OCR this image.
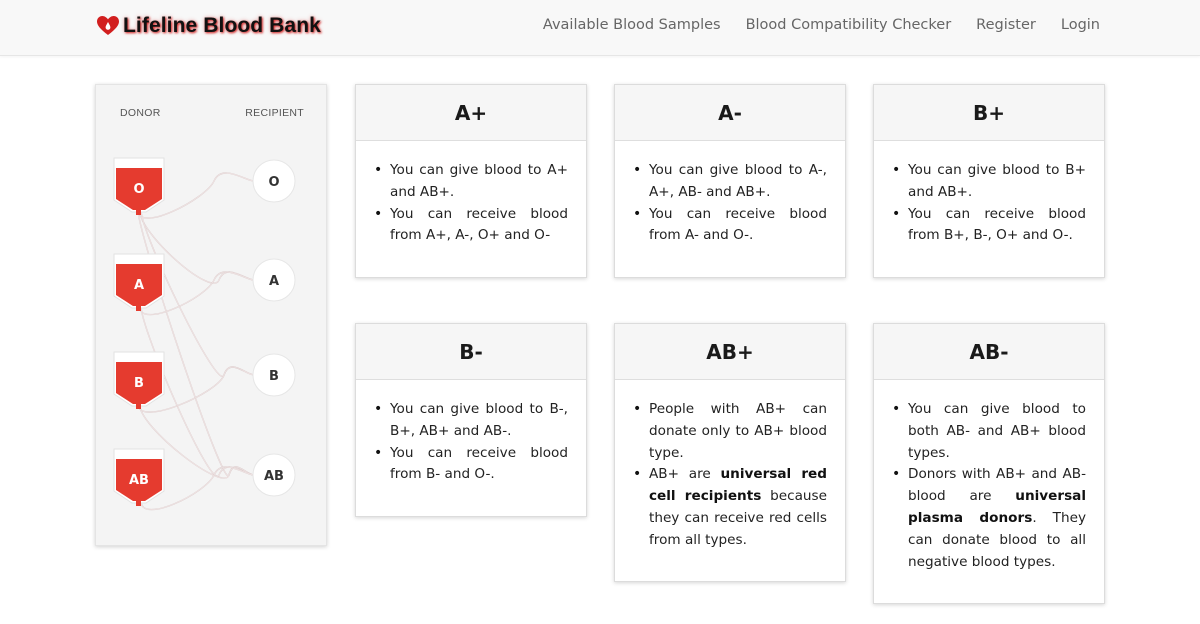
Lifeline Blood Bank	Available Blood Samples Blood Compatibility Checker Register Login
DONOR	RECIPIENT
O
A
B
AB
O
A
B
AB
A+
• You can give blood to A+ and AB+.
• You can receive blood from A+, A-, O+ and O-
A-
• You can give blood to A-, A+, AB- and AB+.
• You can receive blood from A- and O-.
B+
• You can give blood to B+ and AB+.
• You can receive blood from B+, B-, O+ and O-.
B-
• You can give blood to B-, B+, AB+ and AB-.
• You can receive blood from B- and O-.
AB+
• People with AB+ can donate only to AB+ blood type.
• AB+ are universal red cell recipients because they can receive red cells from all types.
AB-
• You can give blood to both AB- and AB+ blood types.
• Donors with AB+ and AB- blood are universal plasma donors. They can donate blood to all negative blood types.
